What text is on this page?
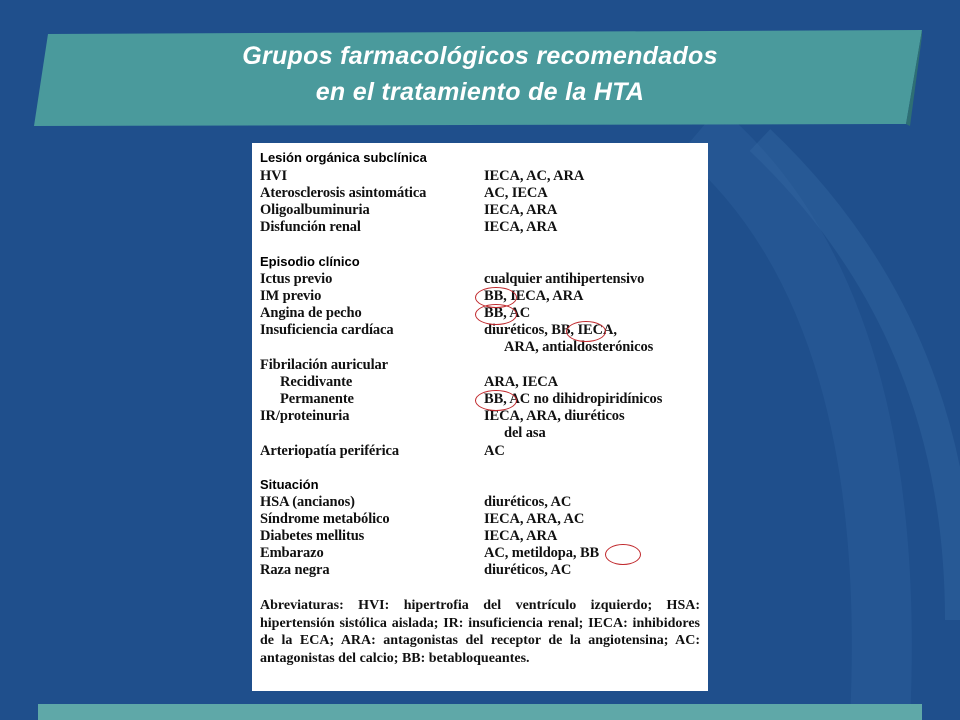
Grupos farmacológicos recomendados
en el tratamiento de la HTA
Lesión orgánica subclínica
HVI	IECA, AC, ARA
Aterosclerosis asintomática	AC, IECA
Oligoalbuminuria	IECA, ARA
Disfunción renal	IECA, ARA
Episodio clínico
Ictus previo	cualquier antihipertensivo
IM previo	BB, IECA, ARA
Angina de pecho	BB, AC
Insuficiencia cardíaca	diuréticos, BB, IECA,
ARA, antialdosterónicos
Fibrilación auricular
Recidivante	ARA, IECA
Permanente	BB, AC no dihidropiridínicos
IR/proteinuria	IECA, ARA, diuréticos
del asa
Arteriopatía periférica	AC
Situación
HSA (ancianos)	diuréticos, AC
Síndrome metabólico	IECA, ARA, AC
Diabetes mellitus	IECA, ARA
Embarazo	AC, metildopa, BB
Raza negra	diuréticos, AC
Abreviaturas: HVI: hipertrofia del ventrículo izquierdo; HSA: hipertensión sistólica aislada; IR: insuficiencia renal; IECA: inhibidores de la ECA; ARA: antagonistas del receptor de la angiotensina; AC: antagonistas del calcio; BB: betabloqueantes.
